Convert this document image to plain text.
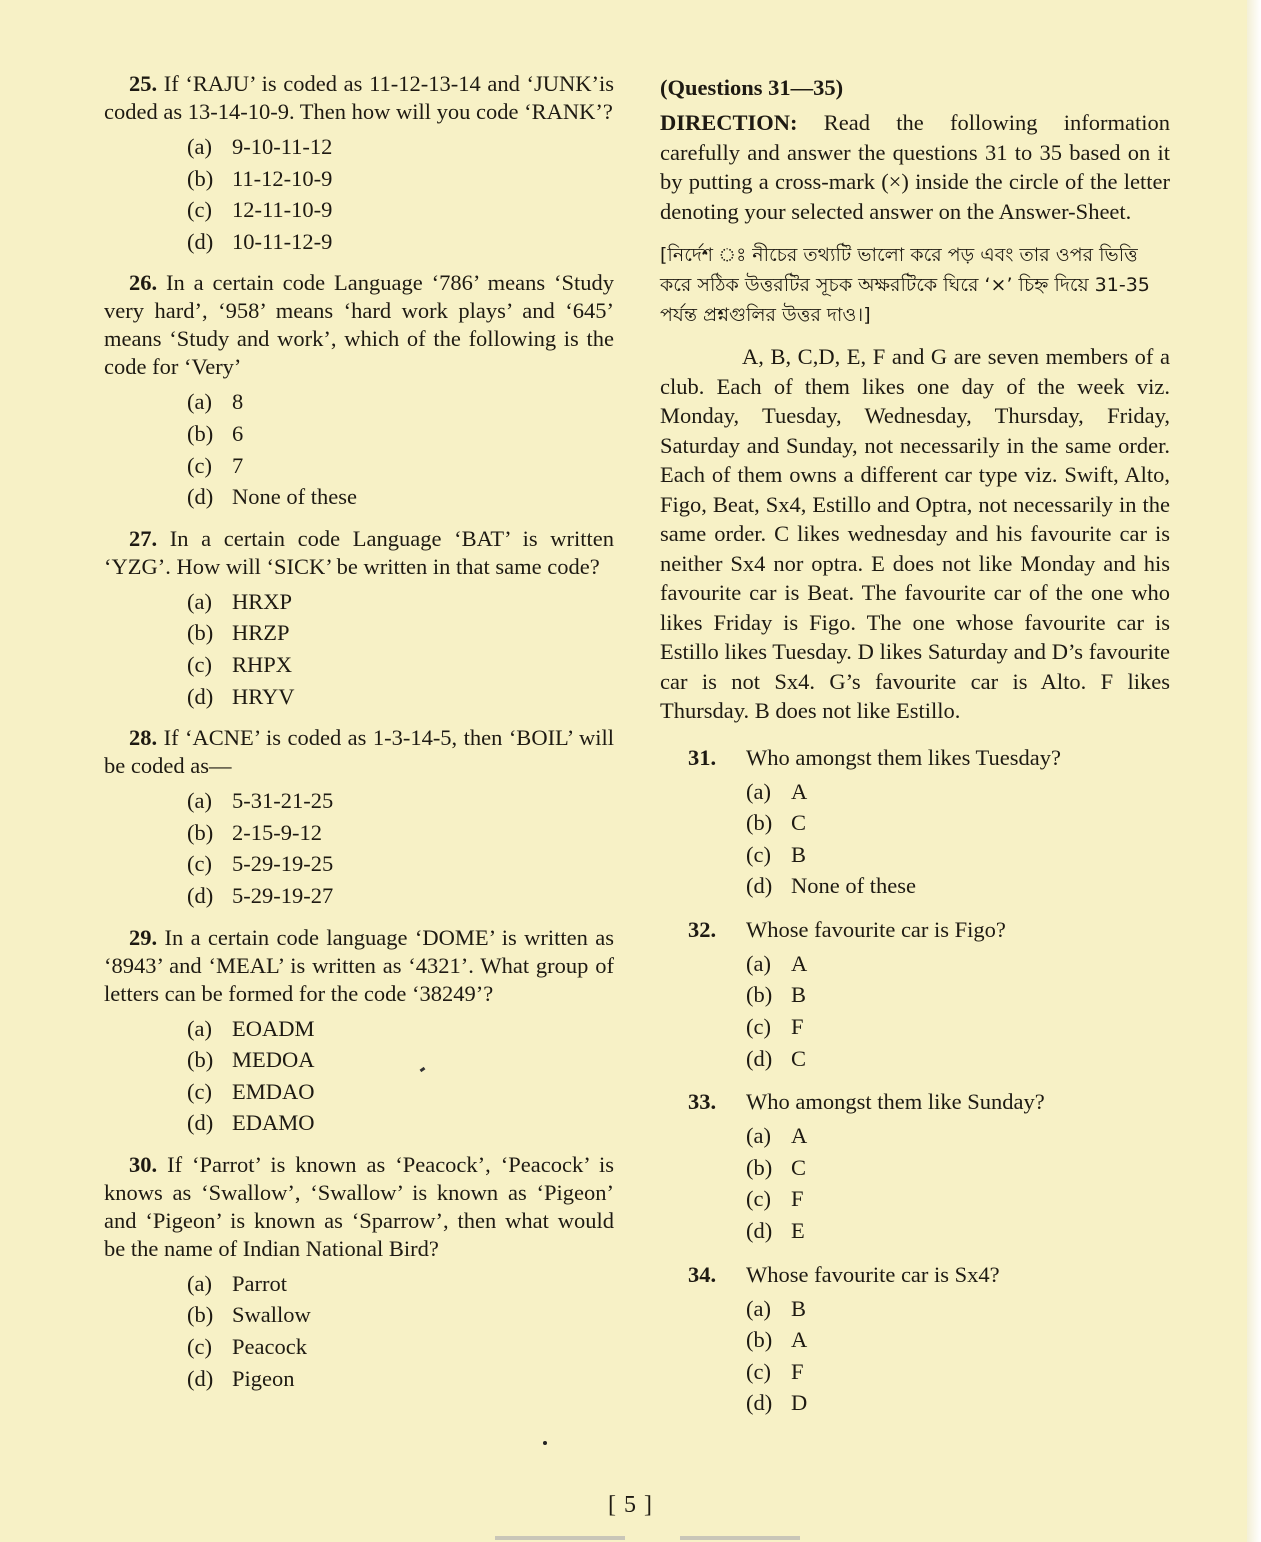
25. If ‘RAJU’ is coded as 11-12-13-14 and ‘JUNK’is coded as 13-14-10-9. Then how will you code ‘RANK’?

(a) 9-10-11-12
(b) 11-12-10-9
(c) 12-11-10-9
(d) 10-11-12-9

26. In a certain code Language ‘786’ means ‘Study very hard’, ‘958’ means ‘hard work plays’ and ‘645’ means ‘Study and work’, which of the following is the code for ‘Very’

(a) 8
(b) 6
(c) 7
(d) None of these

27. In a certain code Language ‘BAT’ is written ‘YZG’. How will ‘SICK’ be written in that same code?

(a) HRXP
(b) HRZP
(c) RHPX
(d) HRYV

28. If ‘ACNE’ is coded as 1-3-14-5, then ‘BOIL’ will be coded as—

(a) 5-31-21-25
(b) 2-15-9-12
(c) 5-29-19-25
(d) 5-29-19-27

29. In a certain code language ‘DOME’ is written as ‘8943’ and ‘MEAL’ is written as ‘4321’. What group of letters can be formed for the code ‘38249’?

(a) EOADM
(b) MEDOA
(c) EMDAO
(d) EDAMO

30. If ‘Parrot’ is known as ‘Peacock’, ‘Peacock’ is knows as ‘Swallow’, ‘Swallow’ is known as ‘Pigeon’ and ‘Pigeon’ is known as ‘Sparrow’, then what would be the name of Indian National Bird?

(a) Parrot
(b) Swallow
(c) Peacock
(d) Pigeon
(Questions 31—35)

DIRECTION: Read the following information carefully and answer the questions 31 to 35 based on it by putting a cross-mark (×) inside the circle of the letter denoting your selected answer on the Answer-Sheet.

[নির্দেশ ঃ নীচের তথ্যটি ভালো করে পড় এবং তার ওপর ভিত্তি করে সঠিক উত্তরটির সূচক অক্ষরটিকে ঘিরে ‘×’ চিহ্ন দিয়ে 31-35 পর্যন্ত প্রশ্নগুলির উত্তর দাও।]

A, B, C,D, E, F and G are seven members of a club. Each of them likes one day of the week viz. Monday, Tuesday, Wednesday, Thursday, Friday, Saturday and Sunday, not necessarily in the same order. Each of them owns a different car type viz. Swift, Alto, Figo, Beat, Sx4, Estillo and Optra, not necessarily in the same order. C likes wednesday and his favourite car is neither Sx4 nor optra. E does not like Monday and his favourite car is Beat. The favourite car of the one who likes Friday is Figo. The one whose favourite car is Estillo likes Tuesday. D likes Saturday and D’s favourite car is not Sx4. G’s favourite car is Alto. F likes Thursday. B does not like Estillo.

31.	Who amongst them likes Tuesday?
(a) A
(b) C
(c) B
(d) None of these
32.	Whose favourite car is Figo?
(a) A
(b) B
(c) F
(d) C
33.	Who amongst them like Sunday?
(a) A
(b) C
(c) F
(d) E
34.	Whose favourite car is Sx4?
(a) B
(b) A
(c) F
(d) D
[ 5 ]
